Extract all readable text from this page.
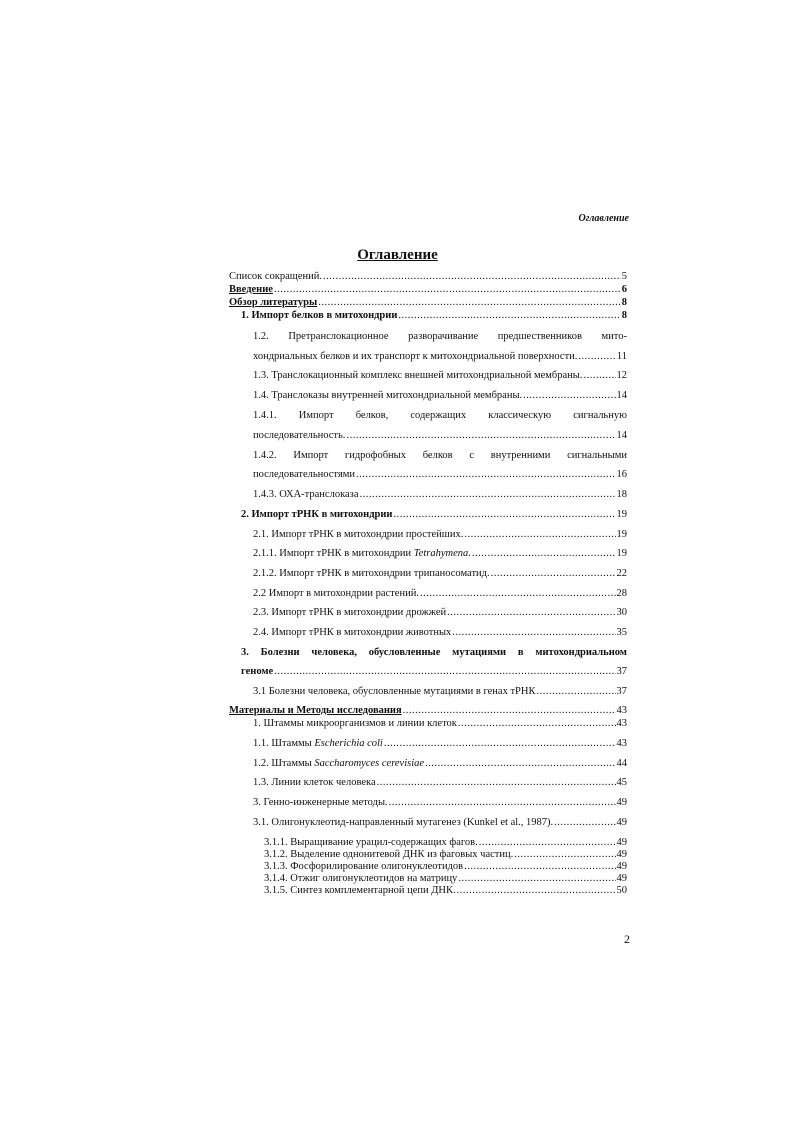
Оглавление
Оглавление
Список сокращений. .....	5
Введение .....	6
Обзор литературы .....	8
1. Импорт белков в митохондрии .....	8
1.2. Претранслокационное разворачивание предшественников мито-
хондриальных белков и их транспорт к митохондриальной поверхности. .....	11
1.3. Транслокационный комплекс внешней митохондриальной мембраны. .....	12
1.4. Транслоказы внутренней митохондриальной мембраны. .....	14
1.4.1. Импорт белков, содержащих классическую сигнальную
последовательность. .....	14
1.4.2. Импорт гидрофобных белков с внутренними сигнальными
последовательностями .....	16
1.4.3. ОХА-транслоказа .....	18
2. Импорт тРНК в митохондрии .....	19
2.1. Импорт тРНК в митохондрии простейших. .....	19
2.1.1. Импорт тРНК в митохондрии Tetrahymena. .....	19
2.1.2. Импорт тРНК в митохондрии трипаносоматид. .....	22
2.2 Импорт в митохондрии растений. .....	28
2.3. Импорт тРНК в митохондрии дрожжей .....	30
2.4. Импорт тРНК в митохондрии животных .....	35
3. Болезни человека, обусловленные мутациями в митохондриальном
геноме .....	37
3.1 Болезни человека, обусловленные мутациями в генах тРНК .....	37
Материалы и Методы исследования .....	43
1. Штаммы микроорганизмов и линии клеток .....	43
1.1. Штаммы Escherichia coli .....	43
1.2. Штаммы Saccharomyces cerevisiae .....	44
1.3. Линии клеток человека .....	45
3. Генно-инженерные методы. .....	49
3.1. Олигонуклеотид-направленный мутагенез (Kunkel et al., 1987). .....	49
3.1.1. Выращивание урацил-содержащих фагов. .....	49
3.1.2. Выделение однонитевой ДНК из фаговых частиц. .....	49
3.1.3. Фосфорилирование олигонуклеотидов .....	49
3.1.4. Отжиг олигонуклеотидов на матрицу .....	49
3.1.5. Синтез комплементарной цепи ДНК. .....	50
2
